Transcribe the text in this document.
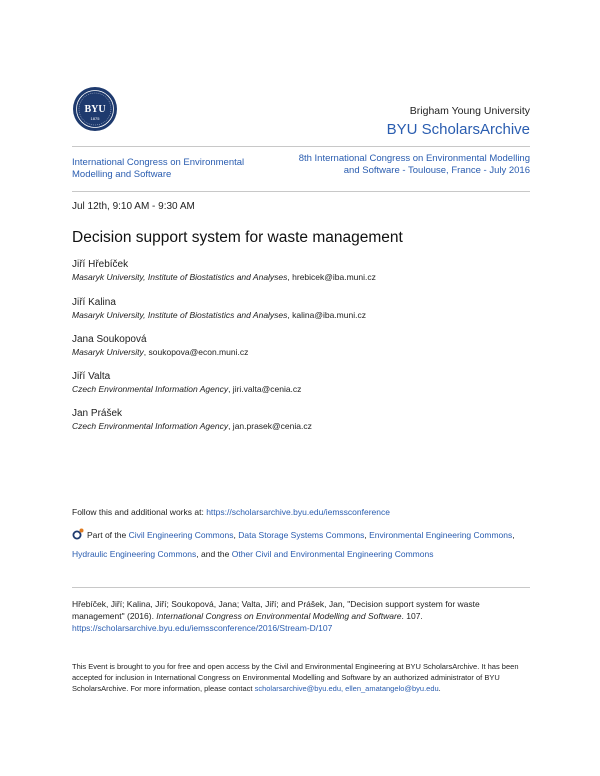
BYU
1875
Brigham Young University
BYU ScholarsArchive
International Congress on Environmental Modelling and Software
8th International Congress on Environmental Modelling and Software - Toulouse, France - July 2016
Jul 12th, 9:10 AM - 9:30 AM
Decision support system for waste management
Jiří Hřebíček
Masaryk University, Institute of Biostatistics and Analyses, hrebicek@iba.muni.cz
Jiří Kalina
Masaryk University, Institute of Biostatistics and Analyses, kalina@iba.muni.cz
Jana Soukopová
Masaryk University, soukopova@econ.muni.cz
Jiří Valta
Czech Environmental Information Agency, jiri.valta@cenia.cz
Jan Prášek
Czech Environmental Information Agency, jan.prasek@cenia.cz
Follow this and additional works at: https://scholarsarchive.byu.edu/iemssconference
Part of the Civil Engineering Commons, Data Storage Systems Commons, Environmental Engineering Commons, Hydraulic Engineering Commons, and the Other Civil and Environmental Engineering Commons
Hřebíček, Jiří; Kalina, Jiří; Soukopová, Jana; Valta, Jiří; and Prášek, Jan, "Decision support system for waste management" (2016). International Congress on Environmental Modelling and Software. 107.
https://scholarsarchive.byu.edu/iemssconference/2016/Stream-D/107
This Event is brought to you for free and open access by the Civil and Environmental Engineering at BYU ScholarsArchive. It has been accepted for inclusion in International Congress on Environmental Modelling and Software by an authorized administrator of BYU ScholarsArchive. For more information, please contact scholarsarchive@byu.edu, ellen_amatangelo@byu.edu.
